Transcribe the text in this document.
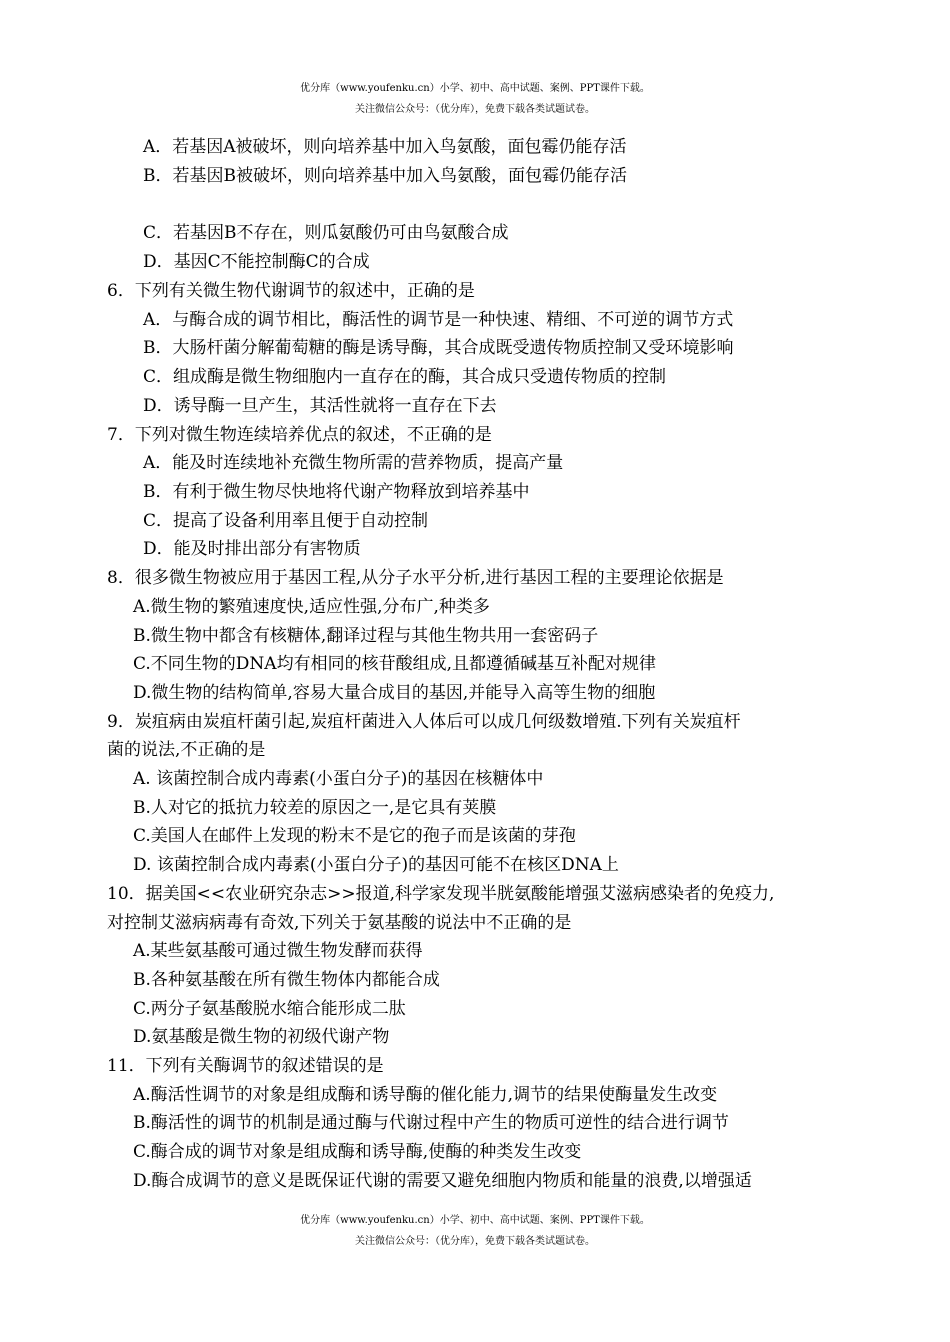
优分库（www.youfenku.cn）小学、初中、高中试题、案例、PPT课件下载。
关注微信公众号：（优分库），免费下载各类试题试卷。
A．若基因A被破坏，则向培养基中加入鸟氨酸，面包霉仍能存活
B．若基因B被破坏，则向培养基中加入鸟氨酸，面包霉仍能存活
C．若基因B不存在，则瓜氨酸仍可由鸟氨酸合成
D．基因C不能控制酶C的合成
6．下列有关微生物代谢调节的叙述中，正确的是
A．与酶合成的调节相比，酶活性的调节是一种快速、精细、不可逆的调节方式
B．大肠杆菌分解葡萄糖的酶是诱导酶，其合成既受遗传物质控制又受环境影响
C．组成酶是微生物细胞内一直存在的酶，其合成只受遗传物质的控制
D．诱导酶一旦产生，其活性就将一直存在下去
7．下列对微生物连续培养优点的叙述，不正确的是
A．能及时连续地补充微生物所需的营养物质，提高产量
B．有利于微生物尽快地将代谢产物释放到培养基中
C．提高了设备利用率且便于自动控制
D．能及时排出部分有害物质
8．很多微生物被应用于基因工程,从分子水平分析,进行基因工程的主要理论依据是
A.微生物的繁殖速度快,适应性强,分布广,种类多
B.微生物中都含有核糖体,翻译过程与其他生物共用一套密码子
C.不同生物的DNA均有相同的核苷酸组成,且都遵循碱基互补配对规律
D.微生物的结构简单,容易大量合成目的基因,并能导入高等生物的细胞
9．炭疽病由炭疽杆菌引起,炭疽杆菌进入人体后可以成几何级数增殖.下列有关炭疽杆
菌的说法,不正确的是
A. 该菌控制合成内毒素(小蛋白分子)的基因在核糖体中
B.人对它的抵抗力较差的原因之一,是它具有荚膜
C.美国人在邮件上发现的粉末不是它的孢子而是该菌的芽孢
D. 该菌控制合成内毒素(小蛋白分子)的基因可能不在核区DNA上
10．据美国<<农业研究杂志>>报道,科学家发现半胱氨酸能增强艾滋病感染者的免疫力,
对控制艾滋病病毒有奇效,下列关于氨基酸的说法中不正确的是
A.某些氨基酸可通过微生物发酵而获得
B.各种氨基酸在所有微生物体内都能合成
C.两分子氨基酸脱水缩合能形成二肽
D.氨基酸是微生物的初级代谢产物
11．下列有关酶调节的叙述错误的是
A.酶活性调节的对象是组成酶和诱导酶的催化能力,调节的结果使酶量发生改变
B.酶活性的调节的机制是通过酶与代谢过程中产生的物质可逆性的结合进行调节
C.酶合成的调节对象是组成酶和诱导酶,使酶的种类发生改变
D.酶合成调节的意义是既保证代谢的需要又避免细胞内物质和能量的浪费,以增强适
优分库（www.youfenku.cn）小学、初中、高中试题、案例、PPT课件下载。
关注微信公众号：（优分库），免费下载各类试题试卷。
